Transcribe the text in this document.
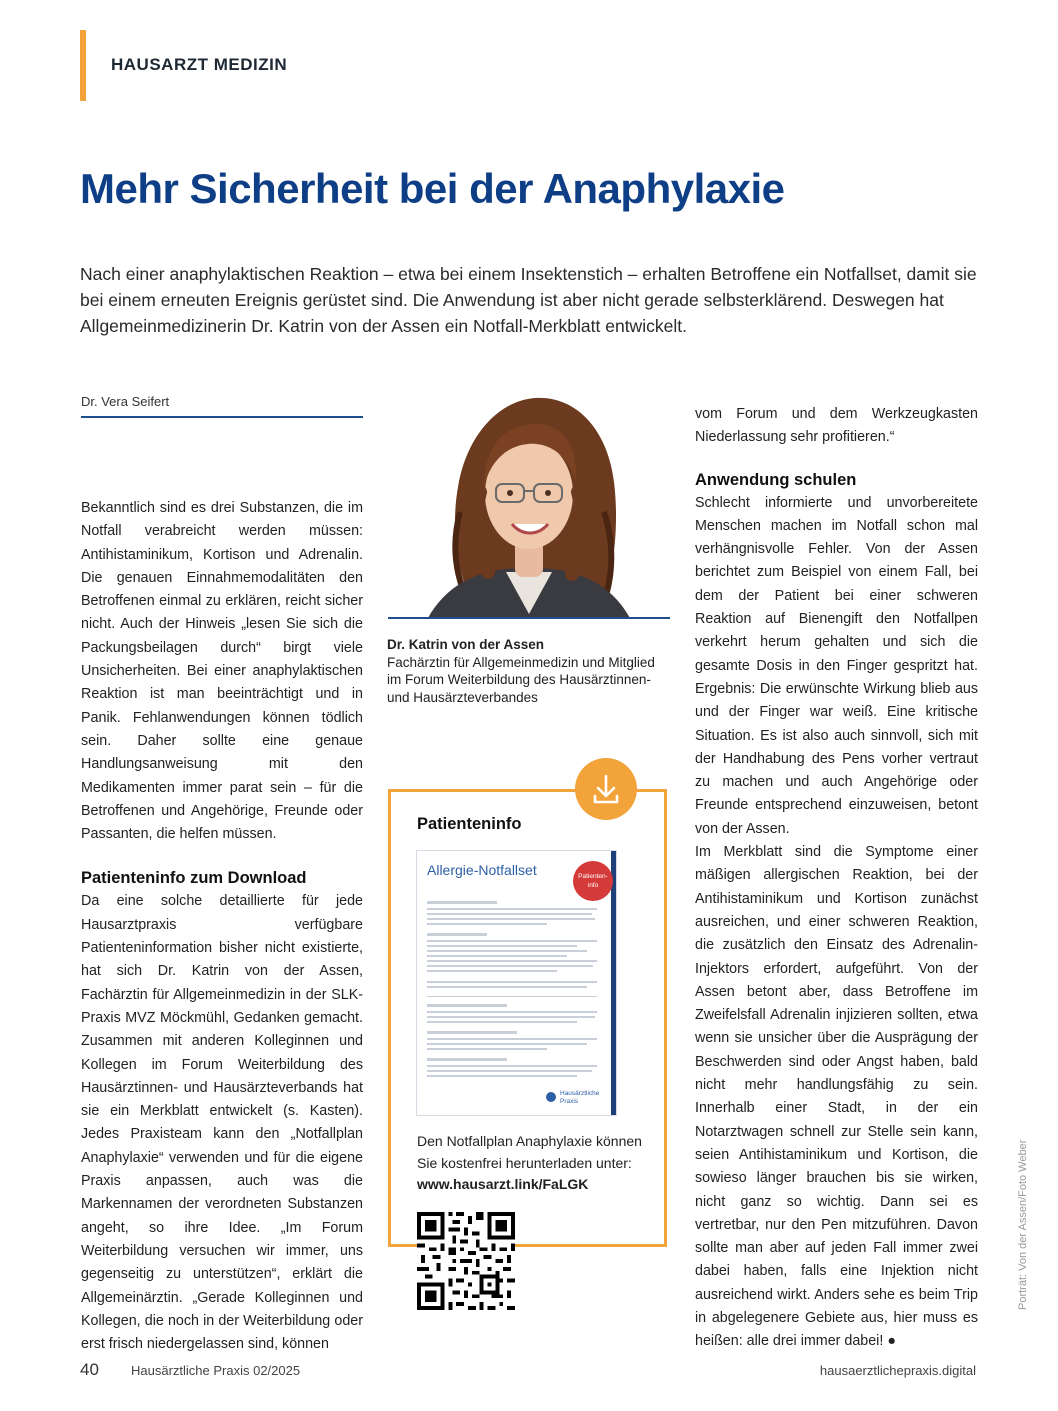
HAUSARZT MEDIZIN
Mehr Sicherheit bei der Anaphylaxie
Nach einer anaphylaktischen Reaktion – etwa bei einem Insektenstich – erhalten Betroffene ein Notfallset, damit sie bei einem erneuten Ereignis gerüstet sind. Die Anwendung ist aber nicht gerade selbsterklärend. Deswegen hat Allgemeinmedizinerin Dr. Katrin von der Assen ein Notfall-Merkblatt entwickelt.
Dr. Vera Seifert

Bekanntlich sind es drei Substanzen, die im Notfall verabreicht werden müssen: Antihistaminikum, Kortison und Adrenalin. Die genauen Einnahmemodalitäten den Betroffenen einmal zu erklären, reicht sicher nicht. Auch der Hinweis „lesen Sie sich die Packungsbeilagen durch“ birgt viele Unsicherheiten. Bei einer anaphylaktischen Reaktion ist man beeinträchtigt und in Panik. Fehlanwendungen können tödlich sein. Daher sollte eine genaue Handlungsanweisung mit den Medikamenten immer parat sein – für die Betroffenen und Angehörige, Freunde oder Passanten, die helfen müssen.

Patienteninfo zum Download

Da eine solche detaillierte für jede Hausarztpraxis verfügbare Patienteninformation bisher nicht existierte, hat sich Dr. Katrin von der Assen, Fachärztin für Allgemeinmedizin in der SLK-Praxis MVZ Möckmühl, Gedanken gemacht. Zusammen mit anderen Kolleginnen und Kollegen im Forum Weiterbildung des Hausärztinnen- und Hausärzteverbands hat sie ein Merkblatt entwickelt (s. Kasten). Jedes Praxisteam kann den „Notfallplan Anaphylaxie“ verwenden und für die eigene Praxis anpassen, auch was die Markennamen der verordneten Substanzen angeht, so ihre Idee. „Im Forum Weiterbildung versuchen wir immer, uns gegenseitig zu unterstützen“, erklärt die Allgemeinärztin. „Gerade Kolleginnen und Kollegen, die noch in der Weiterbildung oder erst frisch niedergelassen sind, können

Dr. Katrin von der Assen
Fachärztin für Allgemeinmedizin und Mitglied im Forum Weiterbildung des Hausärztinnen- und Hausärzteverbandes
Patienteninfo
Allergie-Notfallset	Patienten-
info
Hausärztliche
Praxis
Den Notfallplan Anaphylaxie können Sie kostenfrei herunterladen unter: www.hausarzt.link/FaLGK

vom Forum und dem Werkzeugkasten Niederlassung sehr profitieren.“

Anwendung schulen

Schlecht informierte und unvorbereitete Menschen machen im Notfall schon mal verhängnisvolle Fehler. Von der Assen berichtet zum Beispiel von einem Fall, bei dem der Patient bei einer schweren Reaktion auf Bienengift den Notfallpen verkehrt herum gehalten und sich die gesamte Dosis in den Finger gespritzt hat. Ergebnis: Die erwünschte Wirkung blieb aus und der Finger war weiß. Eine kritische Situation. Es ist also auch sinnvoll, sich mit der Handhabung des Pens vorher vertraut zu machen und auch Angehörige oder Freunde entsprechend einzuweisen, betont von der Assen.

Im Merkblatt sind die Symptome einer mäßigen allergischen Reaktion, bei der Antihistaminikum und Kortison zunächst ausreichen, und einer schweren Reaktion, die zusätzlich den Einsatz des Adrenalin-Injektors erfordert, aufgeführt. Von der Assen betont aber, dass Betroffene im Zweifelsfall Adrenalin injizieren sollten, etwa wenn sie unsicher über die Ausprägung der Beschwerden sind oder Angst haben, bald nicht mehr handlungsfähig zu sein. Innerhalb einer Stadt, in der ein Notarztwagen schnell zur Stelle sein kann, seien Antihistaminikum und Kortison, die sowieso länger brauchen bis sie wirken, nicht ganz so wichtig. Dann sei es vertretbar, nur den Pen mitzuführen. Davon sollte man aber auf jeden Fall immer zwei dabei haben, falls eine Injektion nicht ausreichend wirkt. Anders sehe es beim Trip in abgelegenere Gebiete aus, hier muss es heißen: alle drei immer dabei! ●

Porträt: Von der Assen/Foto Weber
40 Hausärztliche Praxis 02/2025	hausaerztlichepraxis.digital
